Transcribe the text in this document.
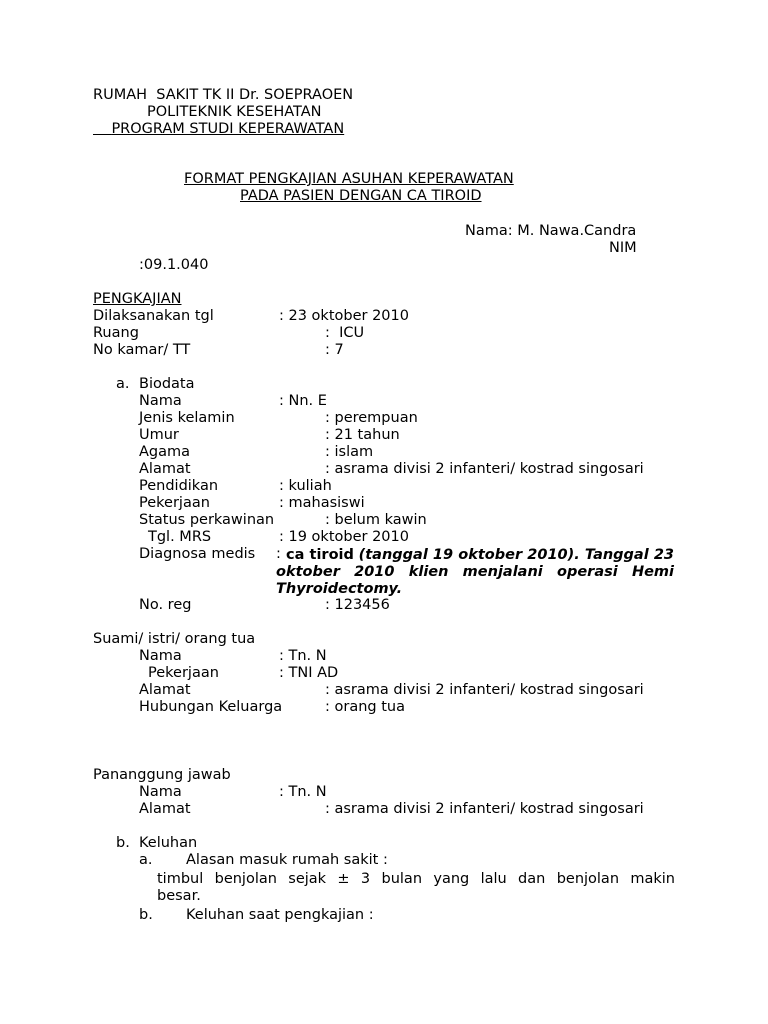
RUMAH  SAKIT TK II Dr. SOEPRAOEN
POLITEKNIK KESEHATAN
PROGRAM STUDI KEPERAWATAN
FORMAT PENGKAJIAN ASUHAN KEPERAWATAN
PADA PASIEN DENGAN CA TIROID
Nama: M. Nawa.Candra
NIM
:09.1.040
PENGKAJIAN
Dilaksanakan tgl	: 23 oktober 2010
Ruang	:  ICU
No kamar/ TT	: 7
a. Biodata
Nama	: Nn. E
Jenis kelamin	: perempuan
Umur	: 21 tahun
Agama	: islam
Alamat	: asrama divisi 2 infanteri/ kostrad singosari
Pendidikan	: kuliah
Pekerjaan	: mahasiswi
Status perkawinan	: belum kawin
Tgl. MRS	: 19 oktober 2010
Diagnosa medis : ca tiroid (tanggal 19 oktober 2010). Tanggal 23 oktober 2010 klien menjalani operasi Hemi Thyroidectomy.
No. reg	: 123456
Suami/ istri/ orang tua
Nama	: Tn. N
Pekerjaan	: TNI AD
Alamat	: asrama divisi 2 infanteri/ kostrad singosari
Hubungan Keluarga	: orang tua
Pananggung jawab
Nama	: Tn. N
Alamat	: asrama divisi 2 infanteri/ kostrad singosari
b. Keluhan
a. Alasan masuk rumah sakit :
timbul benjolan sejak ± 3 bulan yang lalu dan benjolan makin
besar.
b. Keluhan saat pengkajian :
